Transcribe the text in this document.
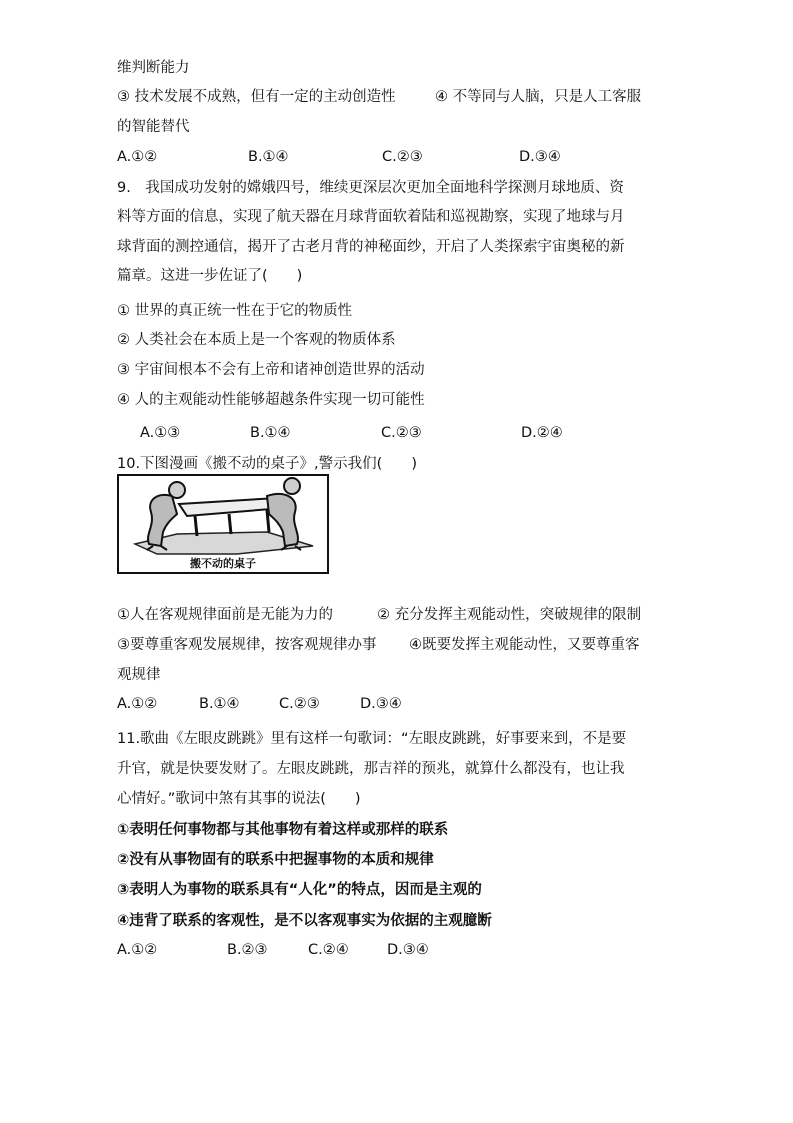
维判断能力
③ 技术发展不成熟，但有一定的主动创造性	④ 不等同与人脑，只是人工客服
的智能替代
A.①②	B.①④	C.②③	D.③④
9.　我国成功发射的嫦娥四号，维续更深层次更加全面地科学探测月球地质、资
料等方面的信息，实现了航天器在月球背面软着陆和巡视勘察，实现了地球与月
球背面的测控通信，揭开了古老月背的神秘面纱，开启了人类探索宇宙奥秘的新
篇章。这进一步佐证了(　　)
① 世界的真正统一性在于它的物质性
② 人类社会在本质上是一个客观的物质体系
③ 宇宙间根本不会有上帝和诸神创造世界的活动
④ 人的主观能动性能够超越条件实现一切可能性
A.①③	B.①④	C.②③	D.②④
10.下图漫画《搬不动的桌子》,警示我们(　　)
搬不动的桌子
①人在客观规律面前是无能为力的	② 充分发挥主观能动性，突破规律的限制
③要尊重客观发展规律，按客观规律办事 ④既要发挥主观能动性，又要尊重客
观规律
A.①②	B.①④	C.②③	D.③④
11.歌曲《左眼皮跳跳》里有这样一句歌词：“左眼皮跳跳，好事要来到，不是要
升官，就是快要发财了。左眼皮跳跳，那吉祥的预兆，就算什么都没有，也让我
心情好。”歌词中煞有其事的说法(　　)
①表明任何事物都与其他事物有着这样或那样的联系
②没有从事物固有的联系中把握事物的本质和规律
③表明人为事物的联系具有“人化”的特点，因而是主观的
④违背了联系的客观性，是不以客观事实为依据的主观臆断
A.①②	B.②③	C.②④	D.③④
